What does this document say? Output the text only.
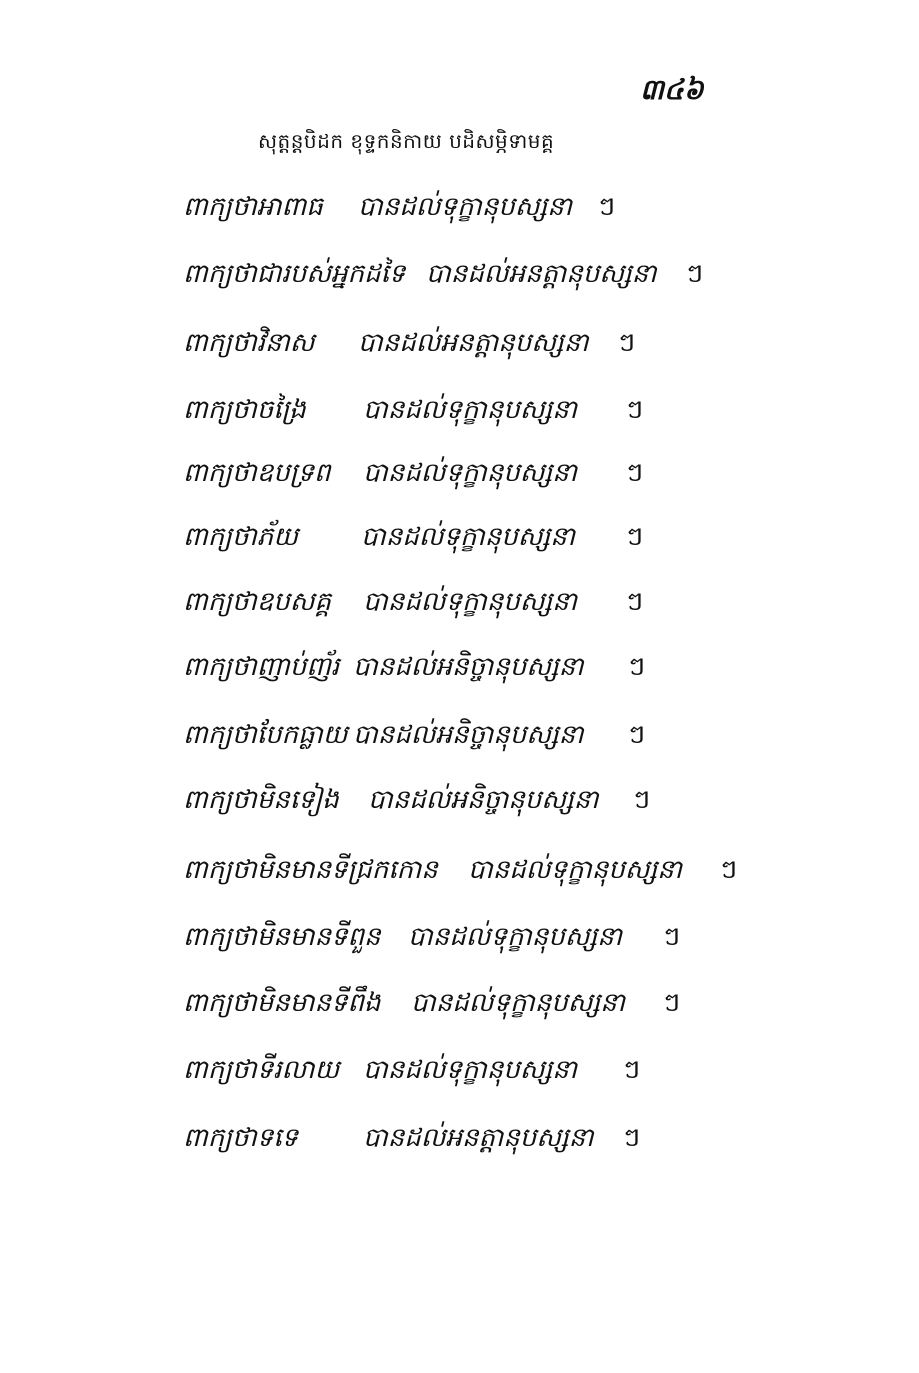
៣៤៦
សុត្តន្តបិដក ខុទ្ទកនិកាយ បដិសម្ភិទាមគ្គ
ពាក្យថាអាពាធ បានដល់ទុក្ខានុបស្សនា ៗ
ពាក្យថាជារបស់អ្នកដទៃ បានដល់អនត្តានុបស្សនា ៗ
ពាក្យថាវិនាស បានដល់អនត្តានុបស្សនា ៗ
ពាក្យថាចង្រៃ បានដល់ទុក្ខានុបស្សនា ៗ
ពាក្យថាឧបទ្រព បានដល់ទុក្ខានុបស្សនា ៗ
ពាក្យថាភ័យ បានដល់ទុក្ខានុបស្សនា ៗ
ពាក្យថាឧបសគ្គ បានដល់ទុក្ខានុបស្សនា ៗ
ពាក្យថាញាប់ញ័រ បានដល់អនិច្ចានុបស្សនា ៗ
ពាក្យថាបែកធ្លាយ បានដល់អនិច្ចានុបស្សនា ៗ
ពាក្យថាមិនទៀង បានដល់អនិច្ចានុបស្សនា ៗ
ពាក្យថាមិនមានទីជ្រកកោន បានដល់ទុក្ខានុបស្សនា ៗ
ពាក្យថាមិនមានទីពួន បានដល់ទុក្ខានុបស្សនា ៗ
ពាក្យថាមិនមានទីពឹង បានដល់ទុក្ខានុបស្សនា ៗ
ពាក្យថាទីរលាយ បានដល់ទុក្ខានុបស្សនា ៗ
ពាក្យថាទទេ បានដល់អនត្តានុបស្សនា ៗ
